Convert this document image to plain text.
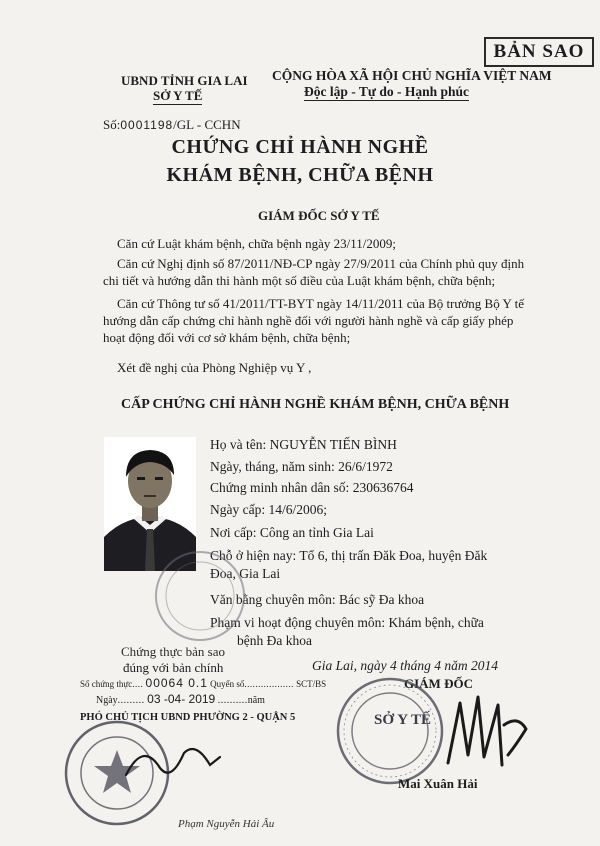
BẢN SAO
UBND TỈNH GIA LAI
SỞ Y TẾ
CỘNG HÒA XÃ HỘI CHỦ NGHĨA VIỆT NAM
Độc lập - Tự do - Hạnh phúc
Số:0001198/GL - CCHN
CHỨNG CHỈ HÀNH NGHỀ
KHÁM BỆNH, CHỮA BỆNH
GIÁM ĐỐC SỞ Y TẾ
Căn cứ Luật khám bệnh, chữa bệnh ngày 23/11/2009;
Căn cứ Nghị định số 87/2011/NĐ-CP ngày 27/9/2011 của Chính phủ quy định
chi tiết và hướng dẫn thi hành một số điều của Luật khám bệnh, chữa bệnh;
Căn cứ Thông tư số 41/2011/TT-BYT ngày 14/11/2011 của Bộ trưởng Bộ Y tế
hướng dẫn cấp chứng chỉ hành nghề đối với người hành nghề và cấp giấy phép
hoạt động đối với cơ sở khám bệnh, chữa bệnh;
Xét đề nghị của Phòng Nghiệp vụ Y ,
CẤP CHỨNG CHỈ HÀNH NGHỀ KHÁM BỆNH, CHỮA BỆNH
Họ và tên: NGUYỄN TIẾN BÌNH
Ngày, tháng, năm sinh: 26/6/1972
Chứng minh nhân dân số: 230636764
Ngày cấp: 14/6/2006;
Nơi cấp: Công an tỉnh Gia Lai
Chỗ ở hiện nay: Tổ 6, thị trấn Đăk Đoa, huyện Đăk
Đoa, Gia Lai
Văn bằng chuyên môn: Bác sỹ Đa khoa
Phạm vi hoạt động chuyên môn: Khám bệnh, chữa
bệnh Đa khoa
Gia Lai, ngày 4 tháng 4 năm 2014
GIÁM ĐỐC
SỞ Y TẾ
Mai Xuân Hải
Chứng thực bản sao
đúng với bản chính
Số chứng thực.... 00064 0.1 Quyển số.................. SCT/BS
Ngày......... 03 -04- 2019 ..........năm
PHÓ CHỦ TỊCH UBND PHƯỜNG 2 - QUẬN 5
Phạm Nguyễn Hải Âu
